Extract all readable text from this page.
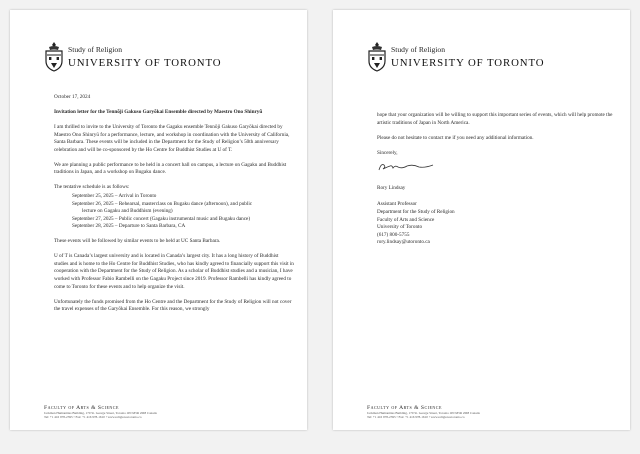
Study of Religion
UNIVERSITY OF TORONTO

October 17, 2024

Invitation letter for the Tennōji Gakuso Garyōkai Ensemble directed by Maestro Ono Shinryū

I am thrilled to invite to the University of Toronto the Gagaku ensemble Tennōji Gakuso Garyōkai directed by Maestro Ono Shinryū for a performance, lecture, and workshop in coordination with the University of California, Santa Barbara. These events will be included in the Department for the Study of Religion’s 50th anniversary celebration and will be co-sponsored by the Ho Centre for Buddhist Studies at U of T.

We are planning a public performance to be held in a concert hall on campus, a lecture on Gagaku and Buddhist traditions in Japan, and a workshop on Bugaku dance.

The tentative schedule is as follows:

September 25, 2025 – Arrival in Toronto
September 26, 2025 – Rehearsal, masterclass on Bugaku dance (afternoon), and public
lecture on Gagaku and Buddhism (evening)
September 27, 2025 – Public concert (Gagaku instrumental music and Bugaku dance)
September 28, 2025 – Departure to Santa Barbara, CA

These events will be followed by similar events to be held at UC Santa Barbara.

U of T is Canada’s largest university and is located in Canada’s largest city. It has a long history of Buddhist studies and is home to the Ho Centre for Buddhist Studies, who has kindly agreed to financially support this visit in cooperation with the Department for the Study of Religion. As a scholar of Buddhist studies and a musician, I have worked with Professor Fabio Rambelli on the Gagaku Project since 2019. Professor Rambelli has kindly agreed to come to Toronto for these events and to help organize the visit.

Unfortunately the funds promised from the Ho Centre and the Department for the Study of Religion will not cover the travel expenses of the Garyōkai Ensemble. For this reason, we strongly

Faculty of Arts & Science
Jackman Humanities Building, 170 St. George Street, Toronto ON M5R 2M8 Canada
Tel: +1 416 978-2395 • Fax: +1 416 978-1610 • www.religion.utoronto.ca
Study of Religion
UNIVERSITY OF TORONTO

hope that your organization will be willing to support this important series of events, which will help promote the artistic traditions of Japan in North America.

Please do not hesitate to contact me if you need any additional information.

Sincerely,

Rory Lindsay

Assistant Professor
Department for the Study of Religion
Faculty of Arts and Science
University of Toronto
(617) 800-5755
rory.lindsay@utoronto.ca
Faculty of Arts & Science
Jackman Humanities Building, 170 St. George Street, Toronto ON M5R 2M8 Canada
Tel: +1 416 978-2395 • Fax: +1 416 978-1610 • www.religion.utoronto.ca
